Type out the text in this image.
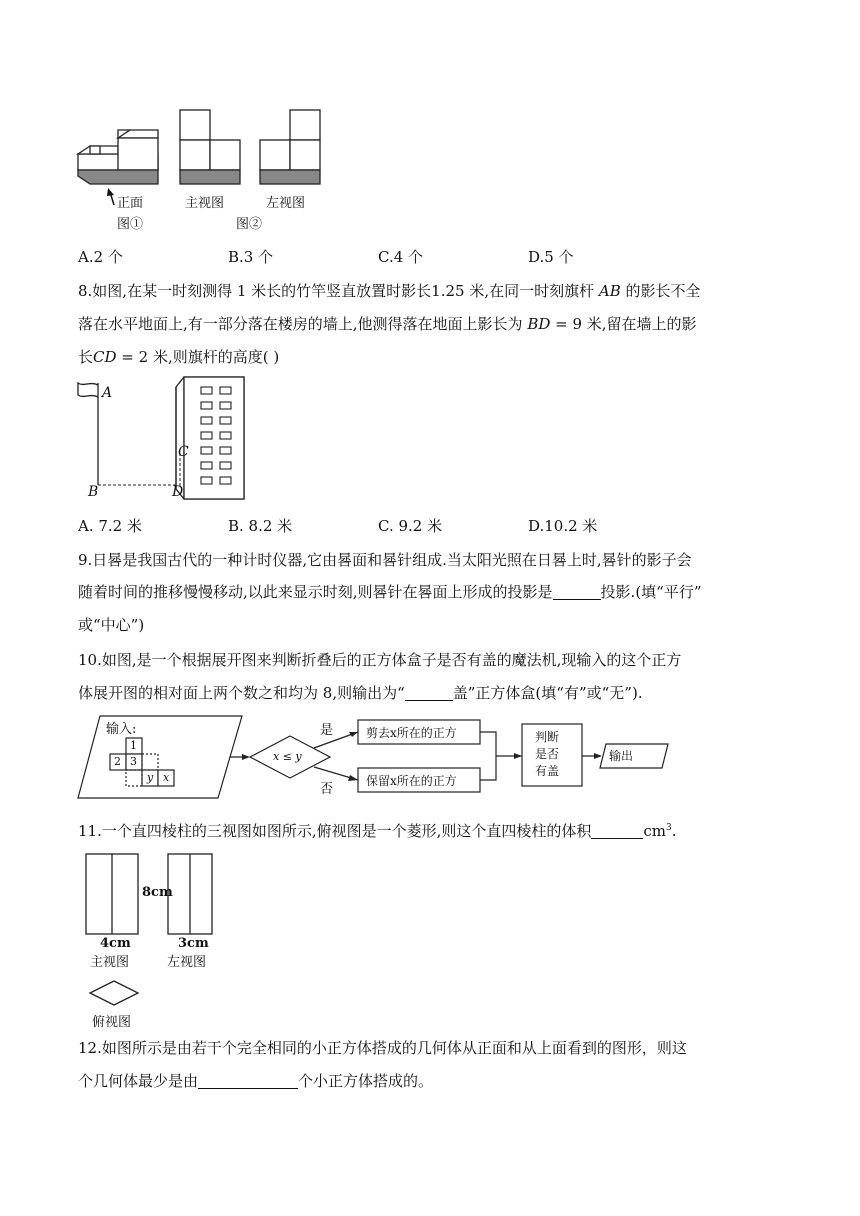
正面
图①
主视图	左视图
图②
A.2 个	B.3 个	C.4 个	D.5 个
8.如图,在某一时刻测得 1 米长的竹竿竖直放置时影长1.25 米,在同一时刻旗杆 AB 的影长不全
落在水平地面上,有一部分落在楼房的墙上,他测得落在地面上影长为 BD = 9 米,留在墙上的影
长CD = 2 米,则旗杆的高度( )
A
B
C
D
A. 7.2 米	B. 8.2 米	C. 9.2 米	D.10.2 米
9.日晷是我国古代的一种计时仪器,它由晷面和晷针组成.当太阳光照在日晷上时,晷针的影子会
随着时间的推移慢慢移动,以此来显示时刻,则晷针在晷面上形成的投影是	投影.(填“平行”
或“中心”)
10.如图,是一个根据展开图来判断折叠后的正方体盒子是否有盖的魔法机,现输入的这个正方
体展开图的相对面上两个数之和均为 8,则输出为“	盖”正方体盒(填“有”或“无”).
输入:
1
2 3
y x
x ≤ y
是
否
剪去x所在的正方
保留x所在的正方
判断
是否
有盖
输出
11.一个直四棱柱的三视图如图所示,俯视图是一个菱形,则这个直四棱柱的体积	$cm^3$.
8cm
4cm	3cm
主视图	左视图
俯视图
12.如图所示是由若干个完全相同的小正方体搭成的几何体从正面和从上面看到的图形，则这
个几何体最少是由	个小正方体搭成的。
